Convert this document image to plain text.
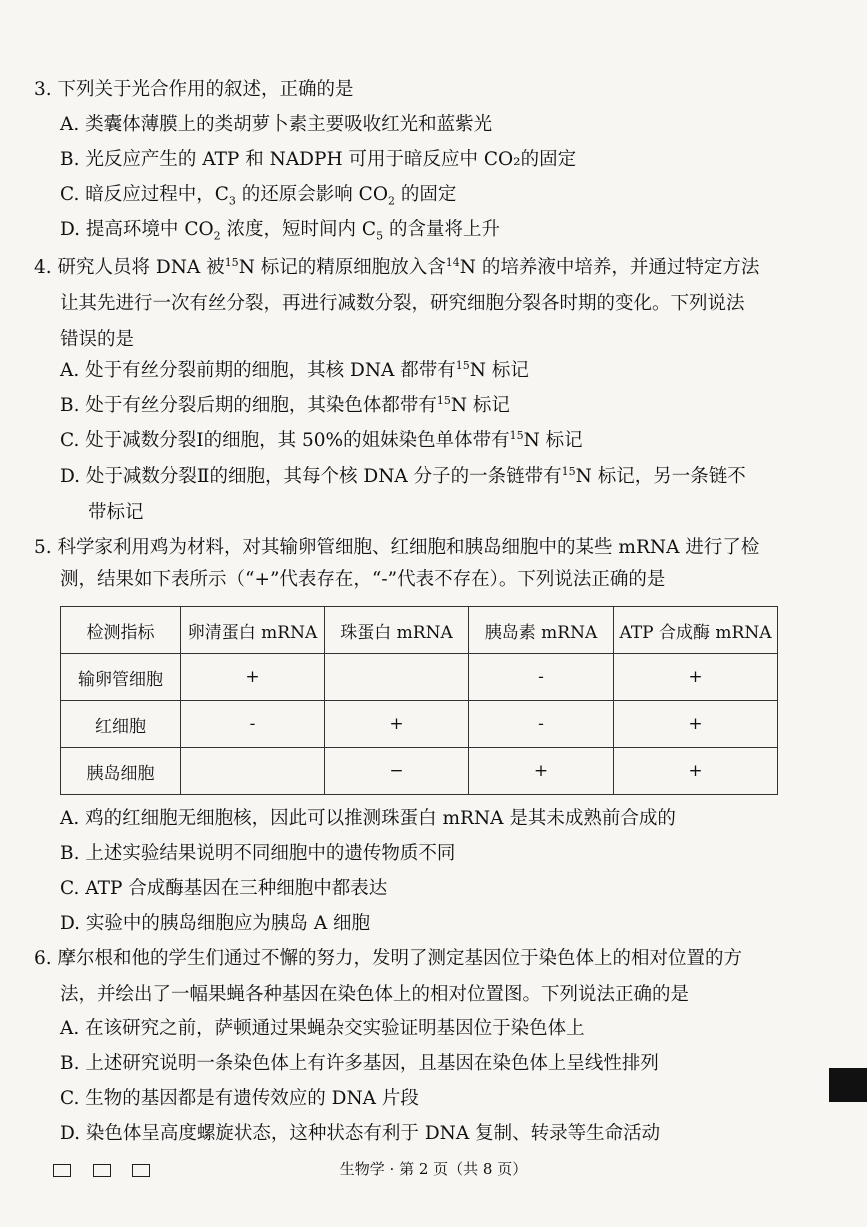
3. 下列关于光合作用的叙述，正确的是
A. 类囊体薄膜上的类胡萝卜素主要吸收红光和蓝紫光
B. 光反应产生的 ATP 和 NADPH 可用于暗反应中 CO₂的固定
C. 暗反应过程中，$C_3$ 的还原会影响 $CO_2$ 的固定
D. 提高环境中 $CO_2$ 浓度，短时间内 $C_5$ 的含量将上升
4. 研究人员将 DNA 被$^{15}$N 标记的精原细胞放入含$^{14}$N 的培养液中培养，并通过特定方法
让其先进行一次有丝分裂，再进行减数分裂，研究细胞分裂各时期的变化。下列说法
错误的是
A. 处于有丝分裂前期的细胞，其核 DNA 都带有$^{15}$N 标记
B. 处于有丝分裂后期的细胞，其染色体都带有$^{15}$N 标记
C. 处于减数分裂Ⅰ的细胞，其 50%的姐妹染色单体带有$^{15}$N 标记
D. 处于减数分裂Ⅱ的细胞，其每个核 DNA 分子的一条链带有$^{15}$N 标记，另一条链不
带标记
5. 科学家利用鸡为材料，对其输卵管细胞、红细胞和胰岛细胞中的某些 mRNA 进行了检
测，结果如下表所示（“+”代表存在，“-”代表不存在）。下列说法正确的是
检测指标	卵清蛋白 mRNA	珠蛋白 mRNA	胰岛素 mRNA	ATP 合成酶 mRNA
输卵管细胞	+		-	+
红细胞	-	+	-	+
胰岛细胞		−	+	+
A. 鸡的红细胞无细胞核，因此可以推测珠蛋白 mRNA 是其未成熟前合成的
B. 上述实验结果说明不同细胞中的遗传物质不同
C. ATP 合成酶基因在三种细胞中都表达
D. 实验中的胰岛细胞应为胰岛 A 细胞
6. 摩尔根和他的学生们通过不懈的努力，发明了测定基因位于染色体上的相对位置的方
法，并绘出了一幅果蝇各种基因在染色体上的相对位置图。下列说法正确的是
A. 在该研究之前，萨顿通过果蝇杂交实验证明基因位于染色体上
B. 上述研究说明一条染色体上有许多基因，且基因在染色体上呈线性排列
C. 生物的基因都是有遗传效应的 DNA 片段
D. 染色体呈高度螺旋状态，这种状态有利于 DNA 复制、转录等生命活动
生物学 · 第 2 页（共 8 页）
